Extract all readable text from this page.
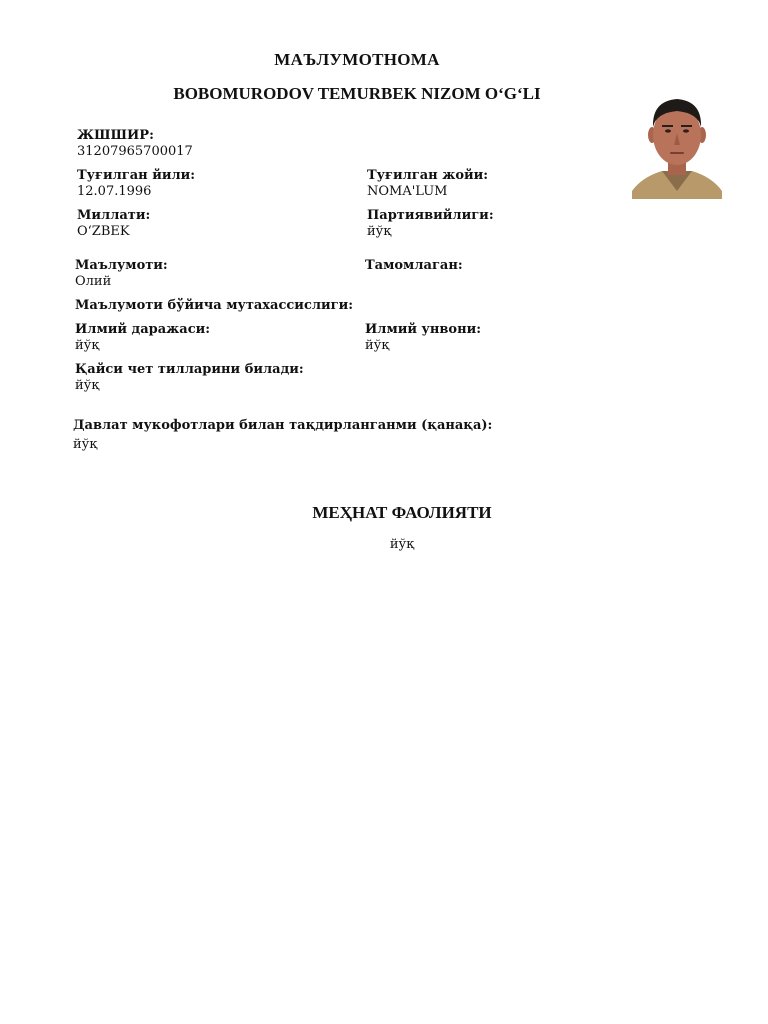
МАЪЛУМОТНОМА
BOBOMURODOV TEMURBEK NIZOM O‘G‘LI
ЖШШИР:
31207965700017
Туғилган йили:
12.07.1996
Туғилган жойи:
NOMA'LUM
Миллати:
O‘ZBEK
Партиявийлиги:
йўқ
Маълумоти:
Олий
Тамомлаган:
Маълумоти бўйича мутахассислиги:
Илмий даражаси:
йўқ
Илмий унвони:
йўқ
Қайси чет тилларини билади:
йўқ
Давлат мукофотлари билан тақдирланганми (қанақа):
йўқ
МЕҲНАТ ФАОЛИЯТИ
йўқ
